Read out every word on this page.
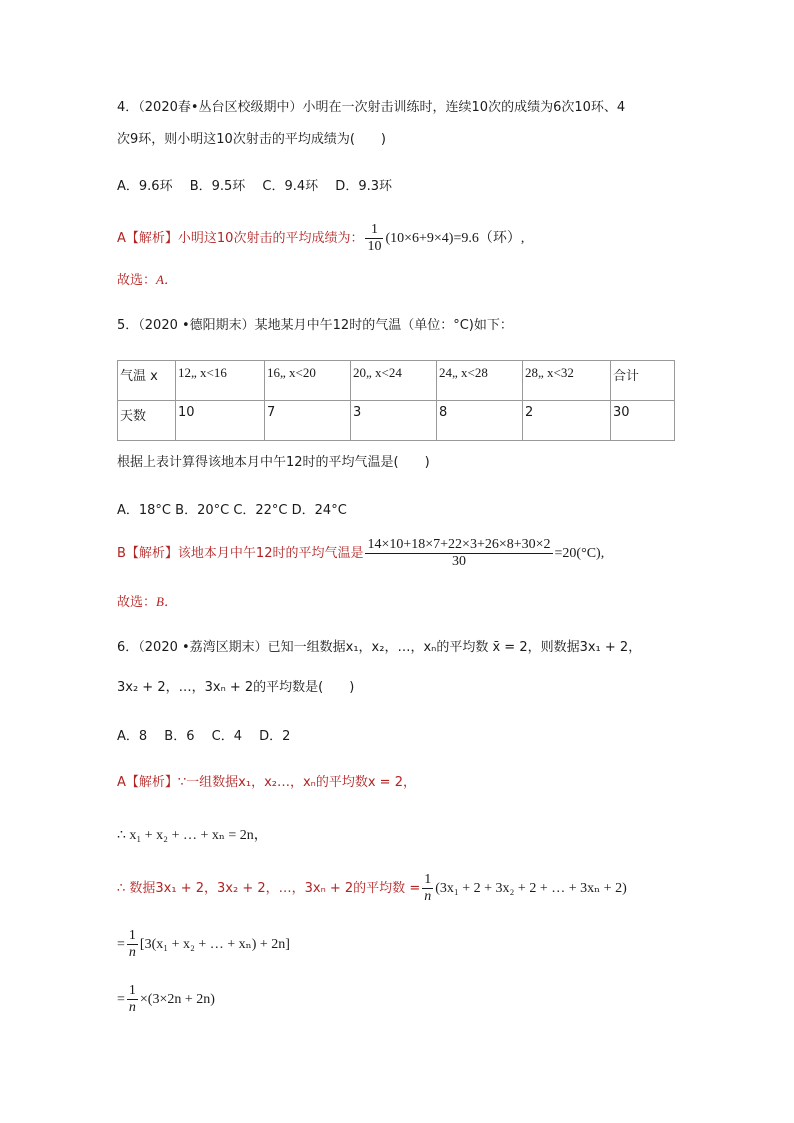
4．（2020春•丛台区校级期中）小明在一次射击训练时，连续10次的成绩为6次10环、4
次9环，则小明这10次射击的平均成绩为(　　)
A．9.6环　 B．9.5环　 C．9.4环　 D．9.3环
A【解析】小明这10次射击的平均成绩为： $\frac{1}{10} (10\times 6+9\times 4)=9.6$（环）,
故选：A．
5．（2020 •德阳期末）某地某月中午12时的气温（单位：°C)如下：
气温 x	12„ x<16	16„ x<20	20„ x<24	24„ x<28	28„ x<32	合计
天数	10	7	3	8	2	30
根据上表计算得该地本月中午12时的平均气温是(　　)
A．18°C B．20°C C．22°C D．24°C
B【解析】该地本月中午12时的平均气温是 $\frac{14\times 10+18\times 7+22\times 3+26\times 8+30\times 2}{30} =20(^\circ C)$,
故选：B．
6．（2020 •荔湾区期末）已知一组数据x₁，x₂，…，xₙ的平均数 x̄ = 2，则数据3x₁ + 2，
3x₂ + 2，…，3xₙ + 2的平均数是(　　)
A．8　 B．6　 C．4　 D．2
A【解析】∵一组数据x₁，x₂…，xₙ的平均数x = 2，
∴ x₁ + x₂ + … + xₙ = 2n，
∴ 数据3x₁ + 2，3x₂ + 2，…，3xₙ + 2的平均数 = $\frac{1}{n} (3x_1 + 2 + 3x_2 + 2$ + … + 3xₙ + 2)
= $\frac{1}{n} [3(x_1 + x_2$ + … + xₙ) + 2n]
= $\frac{1}{n} \times(3\times 2n + 2n)$
